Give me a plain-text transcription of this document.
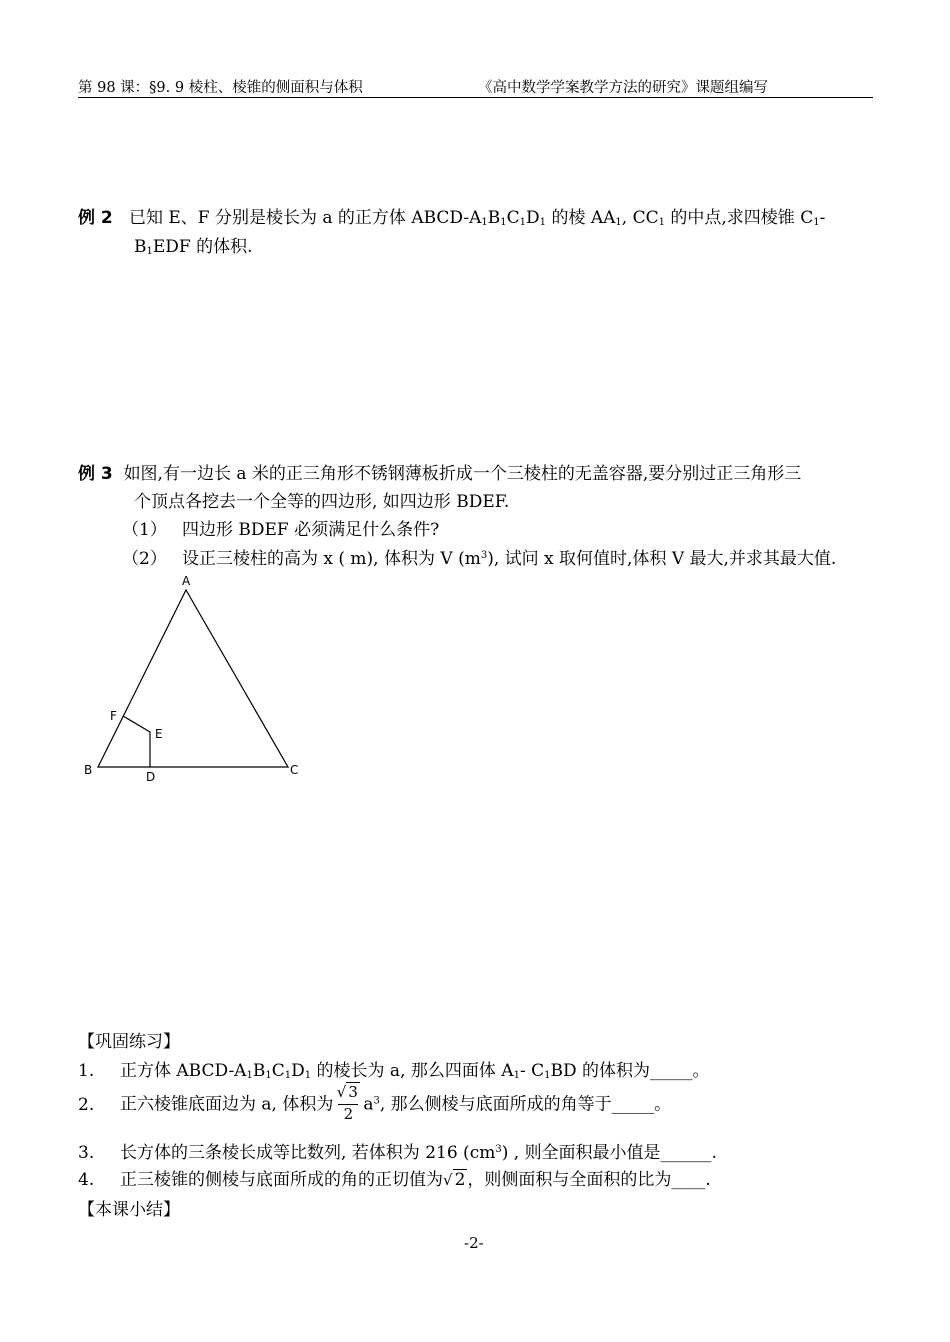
第 98 课：§9. 9 棱柱、棱锥的侧面积与体积	《高中数学学案教学方法的研究》课题组编写
例 2 已知 E、F 分别是棱长为 a 的正方体 ABCD-$A_1B_1C_1D_1$ 的棱 $AA_1$, $CC_1$ 的中点,求四棱锥 $C_1-$
$B_1EDF$ 的体积.
例 3 如图,有一边长 a 米的正三角形不锈钢薄板折成一个三棱柱的无盖容器,要分别过正三角形三
个顶点各挖去一个全等的四边形, 如四边形 BDEF.
（1） 四边形 BDEF 必须满足什么条件?
（2） 设正三棱柱的高为 x ( m), 体积为 V $(m^3)$, 试问 x 取何值时,体积 V 最大,并求其最大值.
A
B	C
D
E
F
【巩固练习】
1. 正方体 ABCD-$A_1B_1C_1D_1$ 的棱长为 a, 那么四面体 $A_1-$ $C_1BD$ 的体积为_____。
2. 正六棱锥底面边为 a, 体积为 $\frac{√ 3}{2} a^3$, 那么侧棱与底面所成的角等于_____。
3. 长方体的三条棱长成等比数列, 若体积为 216 $(cm^3)$ , 则全面积最小值是______.
4. 正三棱锥的侧棱与底面所成的角的正切值为√ 2 ，则侧面积与全面积的比为____.
【本课小结】
-2-
